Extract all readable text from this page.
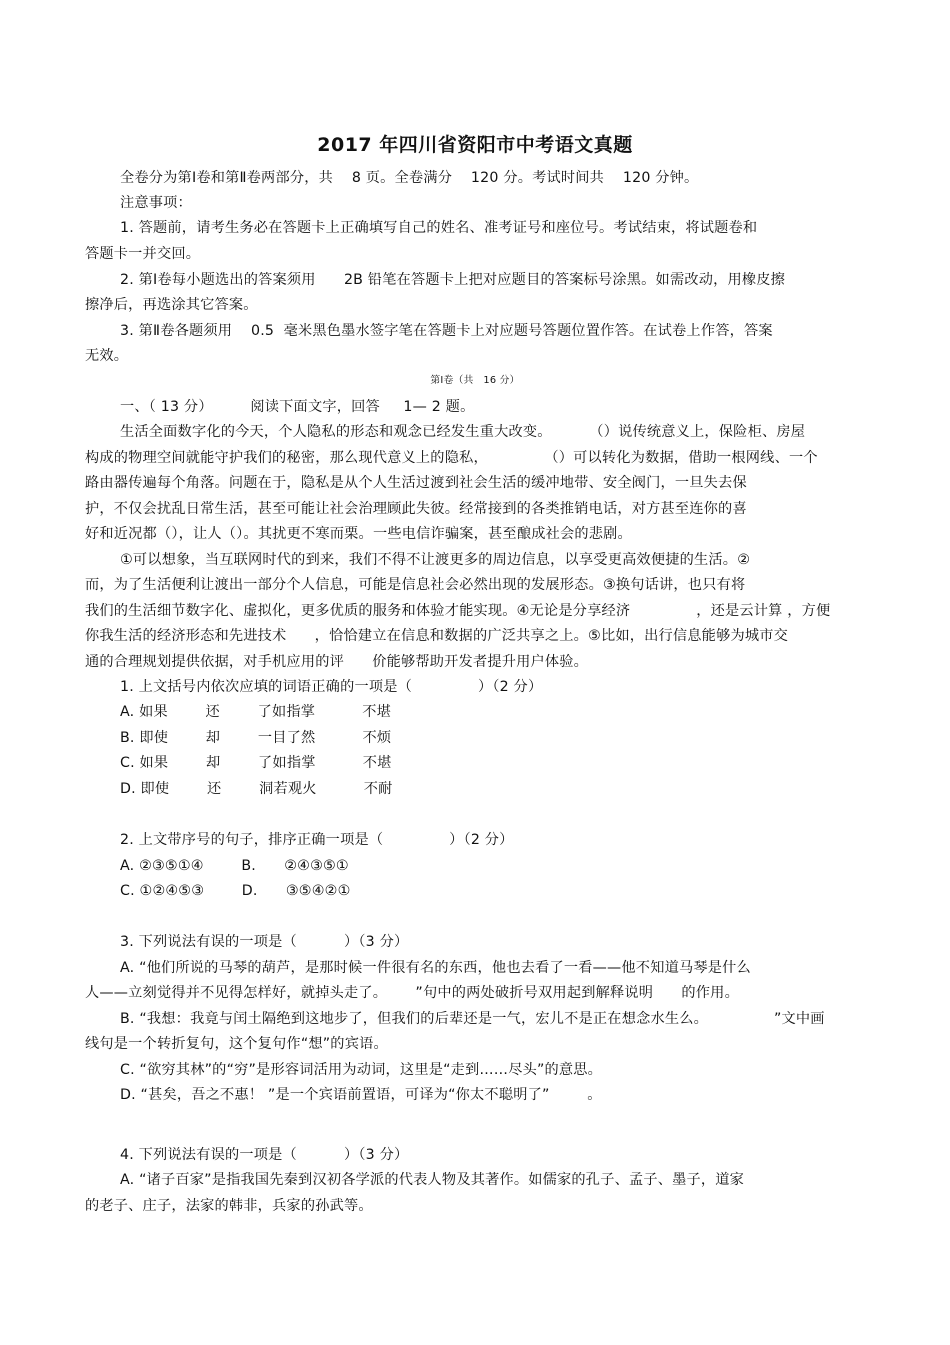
2017 年四川省资阳市中考语文真题
全卷分为第Ⅰ卷和第Ⅱ卷两部分，共    8 页。全卷满分    120 分。考试时间共    120 分钟。
注意事项：
1. 答题前，请考生务必在答题卡上正确填写自己的姓名、准考证号和座位号。考试结束，将试题卷和
答题卡一并交回。
2. 第Ⅰ卷每小题选出的答案须用      2B 铅笔在答题卡上把对应题目的答案标号涂黑。如需改动，用橡皮擦
擦净后，再选涂其它答案。
3. 第Ⅱ卷各题须用    0.5  毫米黑色墨水签字笔在答题卡上对应题号答题位置作答。在试卷上作答，答案
无效。
第Ⅰ卷（共   16 分）
一、（ 13 分）        阅读下面文字，回答     1— 2 题。
生活全面数字化的今天，个人隐私的形态和观念已经发生重大改变。        （）说传统意义上，保险柜、房屋
构成的物理空间就能守护我们的秘密，那么现代意义上的隐私，            （）可以转化为数据，借助一根网线、一个
路由器传遍每个角落。问题在于，隐私是从个人生活过渡到社会生活的缓冲地带、安全阀门，一旦失去保
护，不仅会扰乱日常生活，甚至可能让社会治理顾此失彼。经常接到的各类推销电话，对方甚至连你的喜
好和近况都（），让人（）。其扰更不寒而栗。一些电信诈骗案，甚至酿成社会的悲剧。
①可以想象，当互联网时代的到来，我们不得不让渡更多的周边信息，以享受更高效便捷的生活。②
而，为了生活便利让渡出一部分个人信息，可能是信息社会必然出现的发展形态。③换句话讲，也只有将
我们的生活细节数字化、虚拟化，更多优质的服务和体验才能实现。④无论是分享经济              ，还是云计算 ，方便
你我生活的经济形态和先进技术      ，恰恰建立在信息和数据的广泛共享之上。⑤比如，出行信息能够为城市交
通的合理规划提供依据，对手机应用的评      价能够帮助开发者提升用户体验。
1. 上文括号内依次应填的词语正确的一项是（              ）（2 分）
A. 如果        还        了如指掌          不堪
B. 即使        却        一目了然          不烦
C. 如果        却        了如指掌          不堪
D. 即使        还        洞若观火          不耐
2. 上文带序号的句子，排序正确一项是（              ）（2 分）
A. ②③⑤①④        B.      ②④③⑤①
C. ①②④⑤③        D.      ③⑤④②①
3. 下列说法有误的一项是（          ）（3 分）
A. “他们所说的马琴的葫芦，是那时候一件很有名的东西，他也去看了一看——他不知道马琴是什么
人——立刻觉得并不见得怎样好，就掉头走了。      ”句中的两处破折号双用起到解释说明      的作用。
B. “我想：我竟与闰土隔绝到这地步了，但我们的后辈还是一气，宏儿不是正在想念水生么。              ”文中画
线句是一个转折复句，这个复句作“想”的宾语。
C. “欲穷其林”的“穷”是形容词活用为动词，这里是“走到……尽头”的意思。
D. “甚矣，吾之不惠！ ”是一个宾语前置语，可译为“你太不聪明了”        。
4. 下列说法有误的一项是（          ）（3 分）
A. “诸子百家”是指我国先秦到汉初各学派的代表人物及其著作。如儒家的孔子、孟子、墨子，道家
的老子、庄子，法家的韩非，兵家的孙武等。
